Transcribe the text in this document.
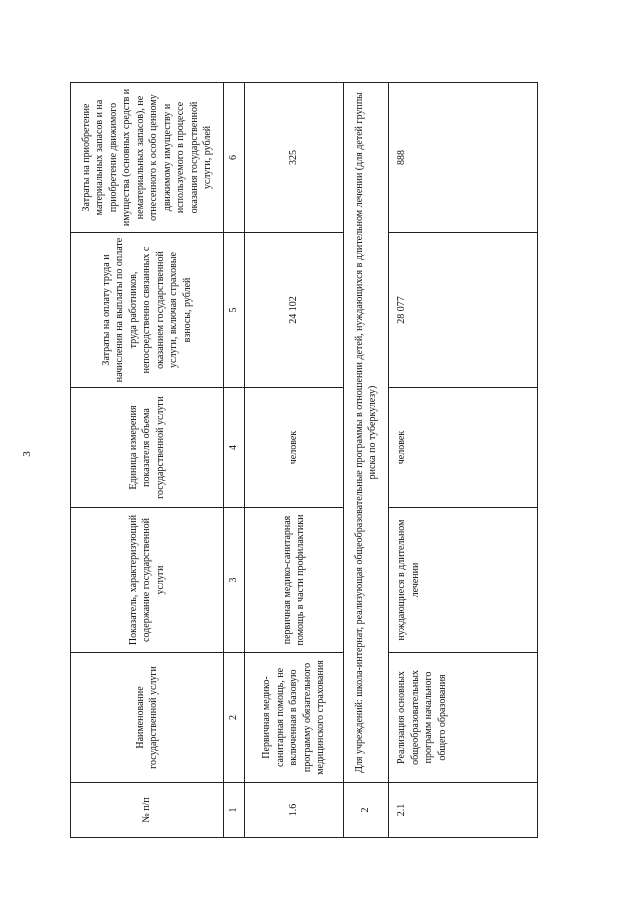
3
№ п/п	Наименование государственной услуги	Показатель, характеризующий содержание государственной услуги	Единица измерения показателя объема государственной услуги	Затраты на оплату труда и начисления на выплаты по оплате труда работников, непосредственно связанных с оказанием государственной услуги, включая страховые взносы, рублей	Затраты на приобретение материальных запасов и на приобретение движимого имущества (основных средств и нематериальных запасов), не отнесенного к особо ценному движимому имуществу и используемого в процессе оказания государственной услуги, рублей
1	2	3	4	5	6
1.6	Первичная медико-санитарная помощь, не включенная в базовую программу обязательного медицинского страхования	первичная медико-санитарная помощь в части профилактики	человек	24 102	325
2	Для учреждений: школа-интернат, реализующая общеобразовательные программы в отношении детей, нуждающихся в длительном лечении (для детей группы риска по туберкулезу)				
2.1	Реализация основных общеобразовательных программ начального общего образования	нуждающиеся в длительном лечении	человек	28 077	888
